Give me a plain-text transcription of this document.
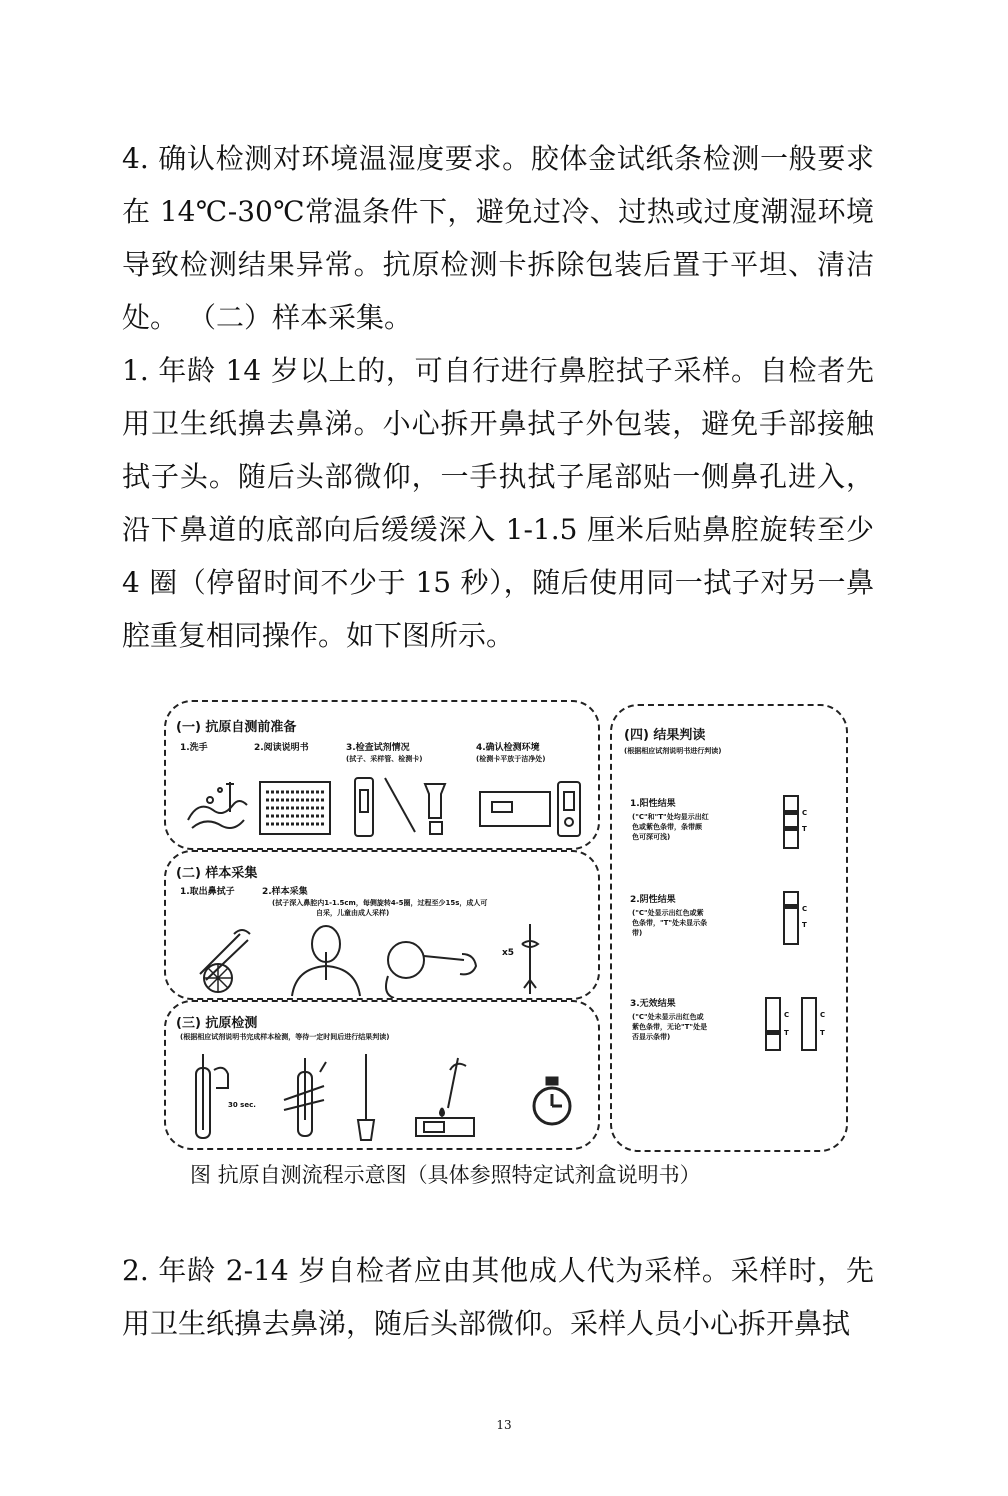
4. 确认检测对环境温湿度要求。胶体金试纸条检测一般要求在 14℃-30℃常温条件下，避免过冷、过热或过度潮湿环境导致检测结果异常。抗原检测卡拆除包装后置于平坦、清洁处。 （二）样本采集。

1. 年龄 14 岁以上的，可自行进行鼻腔拭子采样。自检者先用卫生纸擤去鼻涕。小心拆开鼻拭子外包装，避免手部接触拭子头。随后头部微仰，一手执拭子尾部贴一侧鼻孔进入，沿下鼻道的底部向后缓缓深入 1-1.5 厘米后贴鼻腔旋转至少 4 圈（停留时间不少于 15 秒），随后使用同一拭子对另一鼻腔重复相同操作。如下图所示。

(一) 抗原自测前准备
1.洗手	2.阅读说明书	3.检查试剂情况
(拭子、采样管、检测卡)
4.确认检测环境
(检测卡平放于洁净处)
(二) 样本采集
1.取出鼻拭子	2.样本采集
(拭子深入鼻腔内1-1.5cm，每侧旋转4-5圈，过程至少15s，成人可
自采，儿童由成人采样)
x5
(三) 抗原检测
(根据相应试剂说明书完成样本检测，等待一定时间后进行结果判读)
30 sec.
(四) 结果判读
(根据相应试剂说明书进行判读)
1.阳性结果
("C"和"T"处均显示出红
色或紫色条带，条带颜
色可深可浅)
C
T
2.阴性结果
("C"处显示出红色或紫
色条带，"T"处未显示条
带)
C
T
3.无效结果
("C"处未显示出红色或
紫色条带，无论"T"处是
否显示条带)
C
T
C
T
图 抗原自测流程示意图（具体参照特定试剂盒说明书）

2. 年龄 2-14 岁自检者应由其他成人代为采样。采样时，先用卫生纸擤去鼻涕，随后头部微仰。采样人员小心拆开鼻拭

13
